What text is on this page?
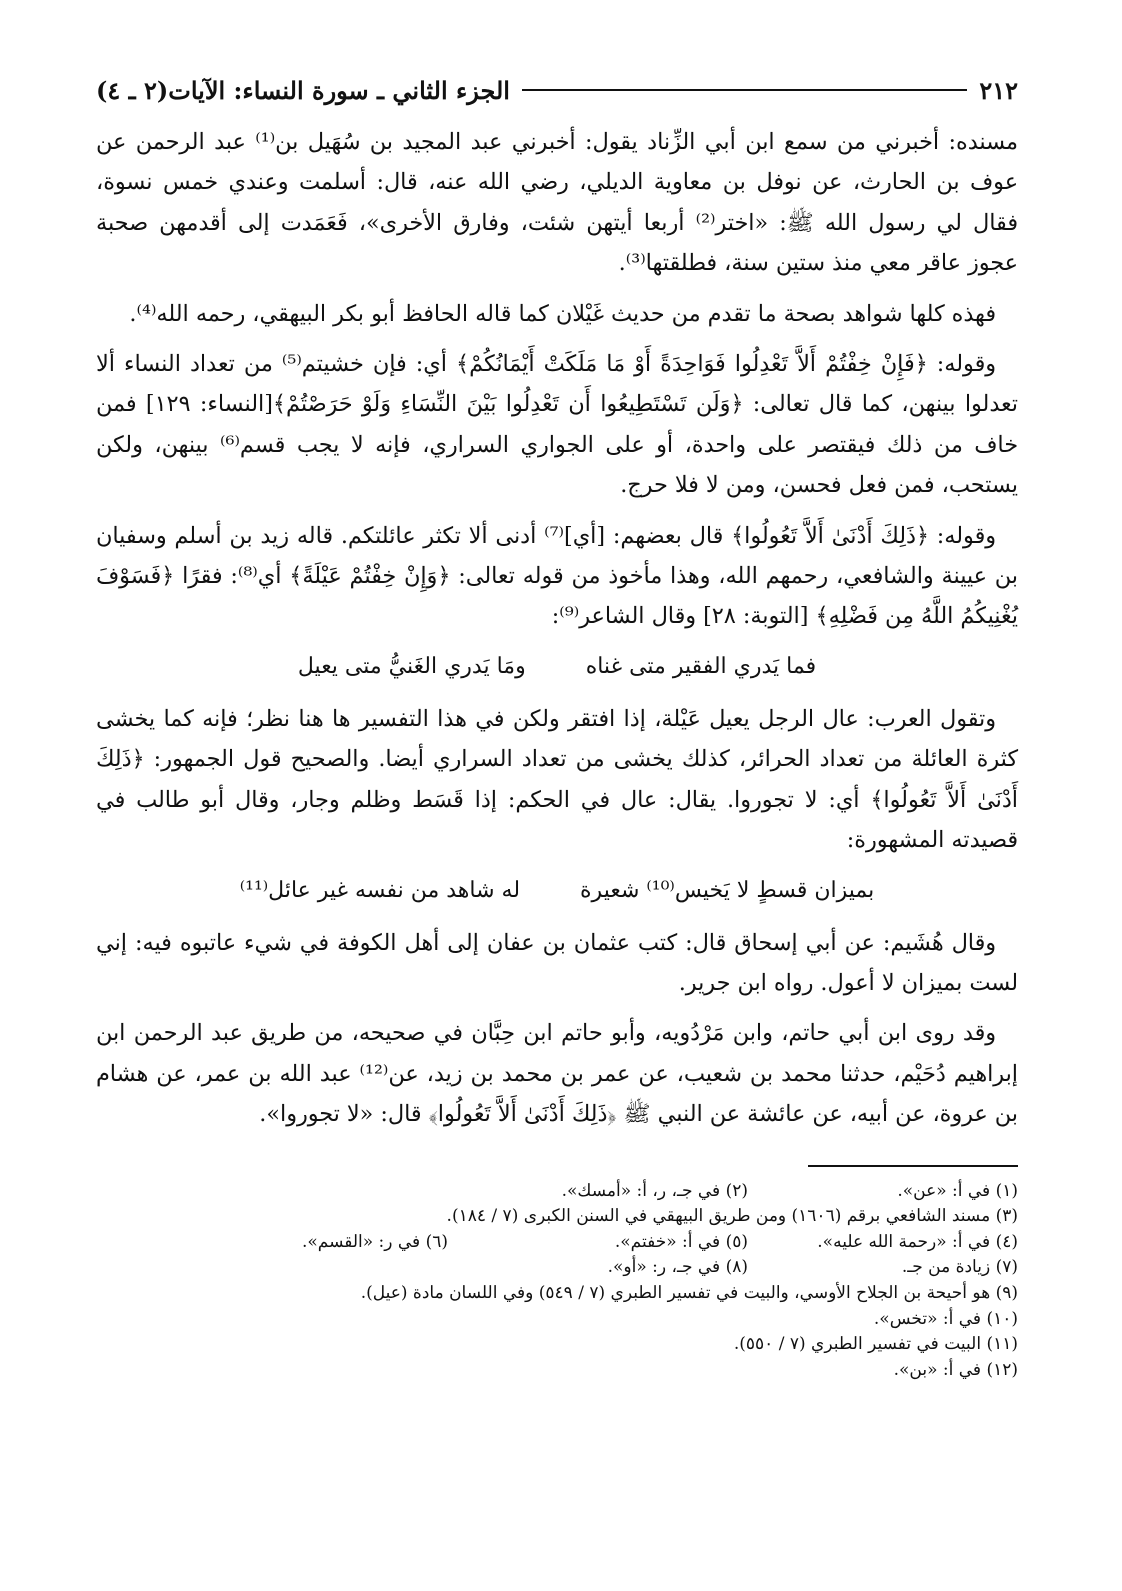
٢١٢
الجزء الثاني ـ سورة النساء: الآيات(٢ ـ ٤)

مسنده: أخبرني من سمع ابن أبي الزِّناد يقول: أخبرني عبد المجيد بن سُهَيل بن⁽¹⁾ عبد الرحمن عن عوف بن الحارث، عن نوفل بن معاوية الديلي، رضي الله عنه، قال: أسلمت وعندي خمس نسوة، فقال لي رسول الله ﷺ: «اختر⁽²⁾ أربعا أيتهن شئت، وفارق الأخرى»، فَعَمَدت إلى أقدمهن صحبة عجوز عاقر معي منذ ستين سنة، فطلقتها⁽³⁾.

فهذه كلها شواهد بصحة ما تقدم من حديث غَيْلان كما قاله الحافظ أبو بكر البيهقي، رحمه الله⁽⁴⁾.

وقوله: ﴿فَإِنْ خِفْتُمْ أَلاَّ تَعْدِلُوا فَوَاحِدَةً أَوْ مَا مَلَكَتْ أَيْمَانُكُمْ﴾ أي: فإن خشيتم⁽⁵⁾ من تعداد النساء ألا تعدلوا بينهن، كما قال تعالى: ﴿وَلَن تَسْتَطِيعُوا أَن تَعْدِلُوا بَيْنَ النِّسَاءِ وَلَوْ حَرَصْتُمْ﴾[النساء: ١٢٩] فمن خاف من ذلك فيقتصر على واحدة، أو على الجواري السراري، فإنه لا يجب قسم⁽⁶⁾ بينهن، ولكن يستحب، فمن فعل فحسن، ومن لا فلا حرج.

وقوله: ﴿ذَلِكَ أَدْنَىٰ أَلاَّ تَعُولُوا﴾ قال بعضهم: [أي]⁽⁷⁾ أدنى ألا تكثر عائلتكم. قاله زيد بن أسلم وسفيان بن عيينة والشافعي، رحمهم الله، وهذا مأخوذ من قوله تعالى: ﴿وَإِنْ خِفْتُمْ عَيْلَةً﴾ أي⁽⁸⁾: فقرًا ﴿فَسَوْفَ يُغْنِيكُمُ اللَّهُ مِن فَضْلِهِ﴾ [التوبة: ٢٨] وقال الشاعر⁽⁹⁾:

فما يَدري الفقير متى غناه
ومَا يَدري الغَنيُّ متى يعيل

وتقول العرب: عال الرجل يعيل عَيْلة، إذا افتقر ولكن في هذا التفسير ها هنا نظر؛ فإنه كما يخشى كثرة العائلة من تعداد الحرائر، كذلك يخشى من تعداد السراري أيضا. والصحيح قول الجمهور: ﴿ذَلِكَ أَدْنَىٰ أَلاَّ تَعُولُوا﴾ أي: لا تجوروا. يقال: عال في الحكم: إذا قَسَط وظلم وجار، وقال أبو طالب في قصيدته المشهورة:

بميزان قسطٍ لا يَخيس⁽¹⁰⁾ شعيرة
له شاهد من نفسه غير عائل⁽¹¹⁾

وقال هُشَيم: عن أبي إسحاق قال: كتب عثمان بن عفان إلى أهل الكوفة في شيء عاتبوه فيه: إني لست بميزان لا أعول. رواه ابن جرير.

وقد روى ابن أبي حاتم، وابن مَرْدُويه، وأبو حاتم ابن حِبَّان في صحيحه، من طريق عبد الرحمن ابن إبراهيم دُحَيْم، حدثنا محمد بن شعيب، عن عمر بن محمد بن زيد، عن⁽¹²⁾ عبد الله بن عمر، عن هشام بن عروة، عن أبيه، عن عائشة عن النبي ﷺ ﴿ذَلِكَ أَدْنَىٰ أَلاَّ تَعُولُوا﴾ قال: «لا تجوروا».

(١) في أ: «عن».
(٢) في جـ، ر، أ: «أمسك».
(٣) مسند الشافعي برقم (١٦٠٦) ومن طريق البيهقي في السنن الكبرى (٧ / ١٨٤).
(٤) في أ: «رحمة الله عليه».
(٥) في أ: «خفتم».
(٦) في ر: «القسم».
(٧) زيادة من جـ.
(٨) في جـ، ر: «أو».
(٩) هو أحيحة بن الجلاح الأوسي، والبيت في تفسير الطبري (٧ / ٥٤٩) وفي اللسان مادة (عيل).
(١٠) في أ: «تخس».
(١١) البيت في تفسير الطبري (٧ / ٥٥٠).
(١٢) في أ: «بن».
